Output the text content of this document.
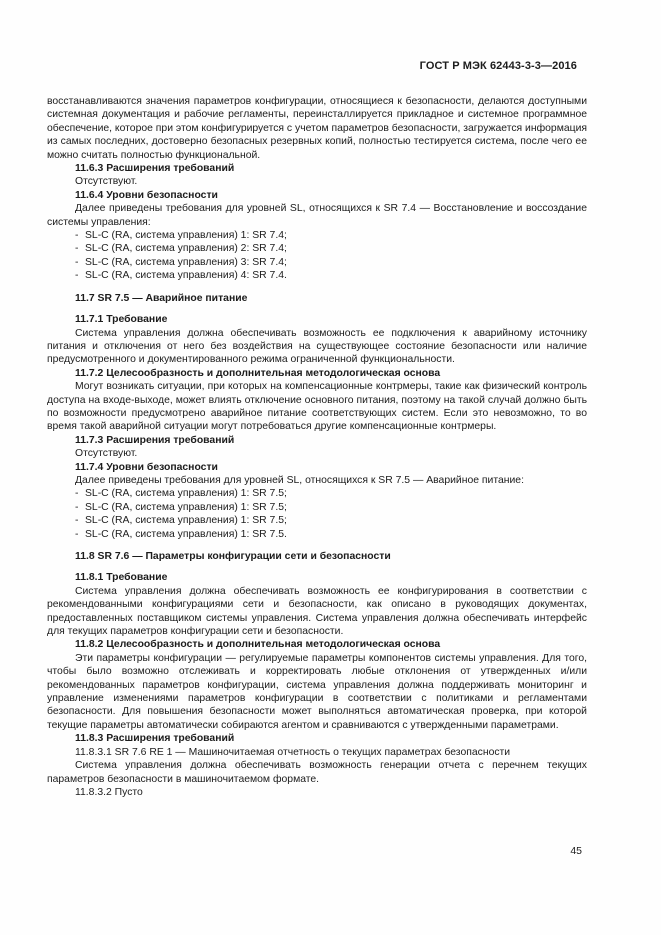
ГОСТ Р МЭК 62443-3-3—2016

восстанавливаются значения параметров конфигурации, относящиеся к безопасности, делаются доступными системная документация и рабочие регламенты, переинсталлируется прикладное и системное программное обеспечение, которое при этом конфигурируется с учетом параметров безопасности, загружается информация из самых последних, достоверно безопасных резервных копий, полностью тестируется система, после чего ее можно считать полностью функциональной.

11.6.3 Расширения требований

Отсутствуют.

11.6.4 Уровни безопасности

Далее приведены требования для уровней SL, относящихся к SR 7.4 — Восстановление и воссоздание системы управления:

- SL-C (RA, система управления) 1: SR 7.4;

- SL-C (RA, система управления) 2: SR 7.4;

- SL-C (RA, система управления) 3: SR 7.4;

- SL-C (RA, система управления) 4: SR 7.4.

11.7 SR 7.5 — Аварийное питание

11.7.1 Требование

Система управления должна обеспечивать возможность ее подключения к аварийному источнику питания и отключения от него без воздействия на существующее состояние безопасности или наличие предусмотренного и документированного режима ограниченной функциональности.

11.7.2 Целесообразность и дополнительная методологическая основа

Могут возникать ситуации, при которых на компенсационные контрмеры, такие как физический контроль доступа на входе-выходе, может влиять отключение основного питания, поэтому на такой случай должно быть по возможности предусмотрено аварийное питание соответствующих систем. Если это невозможно, то во время такой аварийной ситуации могут потребоваться другие компенсационные контрмеры.

11.7.3 Расширения требований

Отсутствуют.

11.7.4 Уровни безопасности

Далее приведены требования для уровней SL, относящихся к SR 7.5 — Аварийное питание:

- SL-C (RA, система управления) 1: SR 7.5;

- SL-C (RA, система управления) 1: SR 7.5;

- SL-C (RA, система управления) 1: SR 7.5;

- SL-C (RA, система управления) 1: SR 7.5.

11.8 SR 7.6 — Параметры конфигурации сети и безопасности

11.8.1 Требование

Система управления должна обеспечивать возможность ее конфигурирования в соответствии с рекомендованными конфигурациями сети и безопасности, как описано в руководящих документах, предоставленных поставщиком системы управления. Система управления должна обеспечивать интерфейс для текущих параметров конфигурации сети и безопасности.

11.8.2 Целесообразность и дополнительная методологическая основа

Эти параметры конфигурации — регулируемые параметры компонентов системы управления. Для того, чтобы было возможно отслеживать и корректировать любые отклонения от утвержденных и/или рекомендованных параметров конфигурации, система управления должна поддерживать мониторинг и управление изменениями параметров конфигурации в соответствии с политиками и регламентами безопасности. Для повышения безопасности может выполняться автоматическая проверка, при которой текущие параметры автоматически собираются агентом и сравниваются с утвержденными параметрами.

11.8.3 Расширения требований

11.8.3.1 SR 7.6 RE 1 — Машиночитаемая отчетность о текущих параметрах безопасности

Система управления должна обеспечивать возможность генерации отчета с перечнем текущих параметров безопасности в машиночитаемом формате.

11.8.3.2 Пусто

45
